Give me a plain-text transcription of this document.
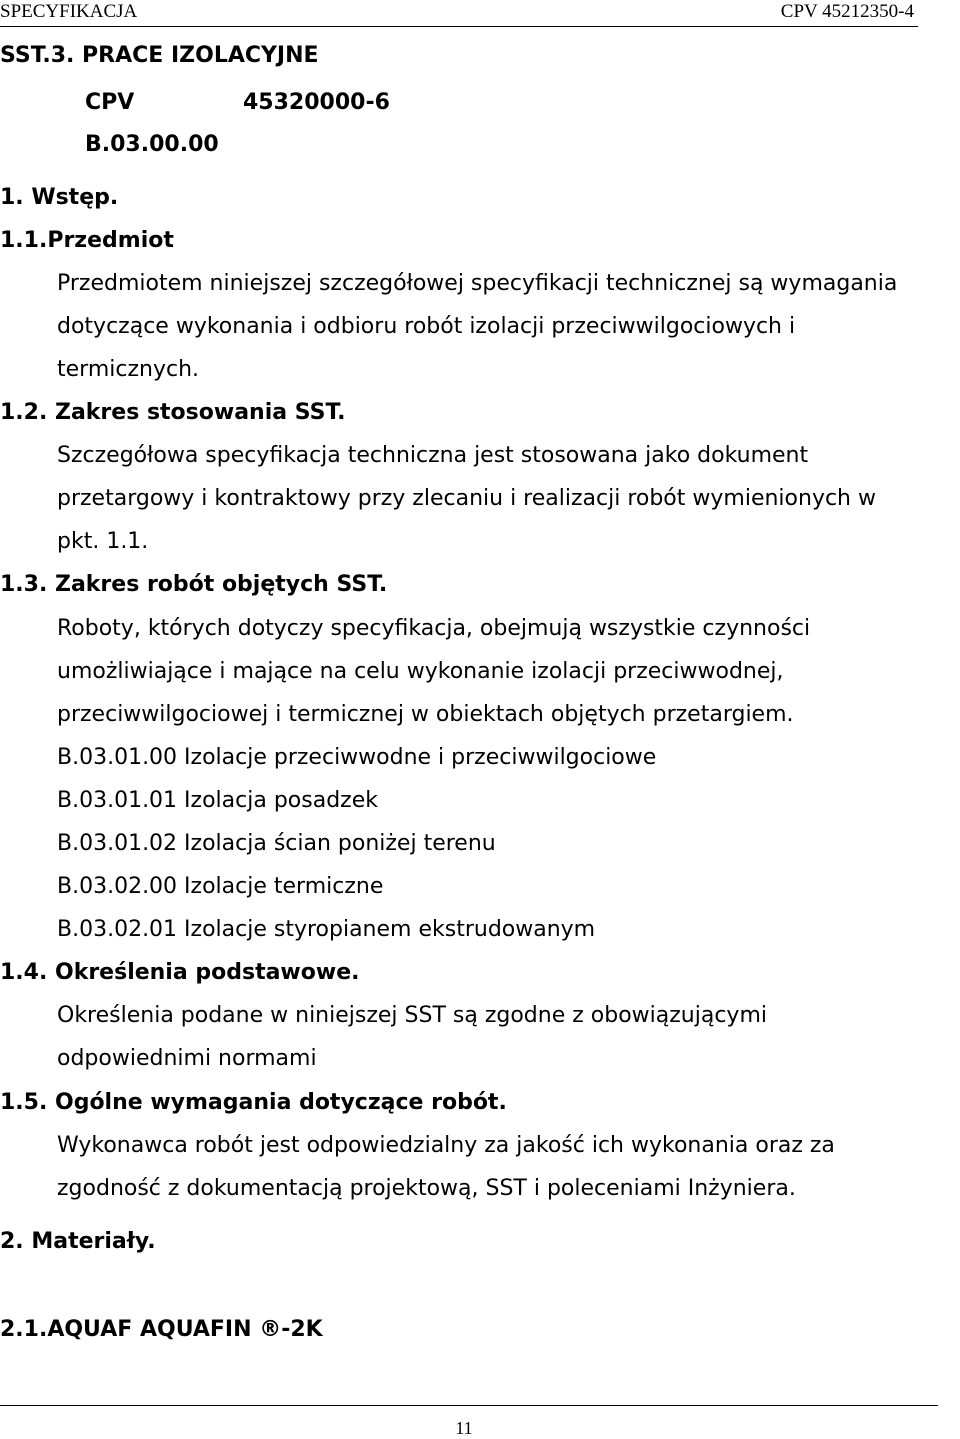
SPECYFIKACJA	CPV 45212350-4
SST.3. PRACE IZOLACYJNE
CPV	45320000-6
B.03.00.00
1. Wstęp.
1.1.Przedmiot
Przedmiotem niniejszej szczegółowej specyfikacji technicznej są wymagania
dotyczące wykonania i odbioru robót izolacji przeciwwilgociowych i
termicznych.
1.2. Zakres stosowania SST.
Szczegółowa specyfikacja techniczna jest stosowana jako dokument
przetargowy i kontraktowy przy zlecaniu i realizacji robót wymienionych w
pkt. 1.1.
1.3. Zakres robót objętych SST.
Roboty, których dotyczy specyfikacja, obejmują wszystkie czynności
umożliwiające i mające na celu wykonanie izolacji przeciwwodnej,
przeciwwilgociowej i termicznej w obiektach objętych przetargiem.
B.03.01.00 Izolacje przeciwwodne i przeciwwilgociowe
B.03.01.01 Izolacja posadzek
B.03.01.02 Izolacja ścian poniżej terenu
B.03.02.00 Izolacje termiczne
B.03.02.01 Izolacje styropianem ekstrudowanym
1.4. Określenia podstawowe.
Określenia podane w niniejszej SST są zgodne z obowiązującymi
odpowiednimi normami
1.5. Ogólne wymagania dotyczące robót.
Wykonawca robót jest odpowiedzialny za jakość ich wykonania oraz za
zgodność z dokumentacją projektową, SST i poleceniami Inżyniera.
2. Materiały.
2.1.AQUAF AQUAFIN ®-2K
11
